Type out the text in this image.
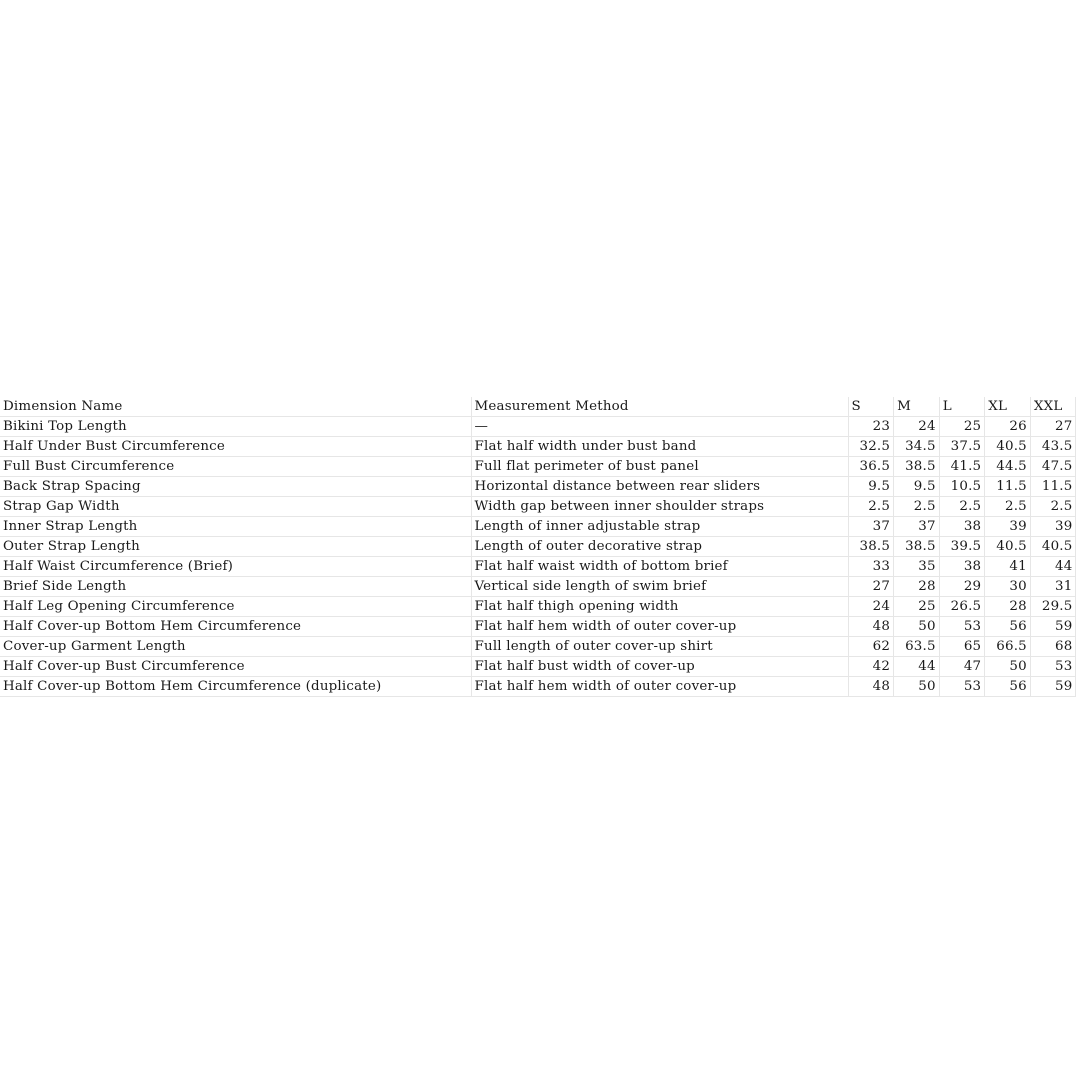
Dimension Name	Measurement Method	S	M	L	XL	XXL
Bikini Top Length	—	23	24	25	26	27
Half Under Bust Circumference	Flat half width under bust band	32.5	34.5	37.5	40.5	43.5
Full Bust Circumference	Full flat perimeter of bust panel	36.5	38.5	41.5	44.5	47.5
Back Strap Spacing	Horizontal distance between rear sliders	9.5	9.5	10.5	11.5	11.5
Strap Gap Width	Width gap between inner shoulder straps	2.5	2.5	2.5	2.5	2.5
Inner Strap Length	Length of inner adjustable strap	37	37	38	39	39
Outer Strap Length	Length of outer decorative strap	38.5	38.5	39.5	40.5	40.5
Half Waist Circumference (Brief)	Flat half waist width of bottom brief	33	35	38	41	44
Brief Side Length	Vertical side length of swim brief	27	28	29	30	31
Half Leg Opening Circumference	Flat half thigh opening width	24	25	26.5	28	29.5
Half Cover-up Bottom Hem Circumference	Flat half hem width of outer cover-up	48	50	53	56	59
Cover-up Garment Length	Full length of outer cover-up shirt	62	63.5	65	66.5	68
Half Cover-up Bust Circumference	Flat half bust width of cover-up	42	44	47	50	53
Half Cover-up Bottom Hem Circumference (duplicate)	Flat half hem width of outer cover-up	48	50	53	56	59
